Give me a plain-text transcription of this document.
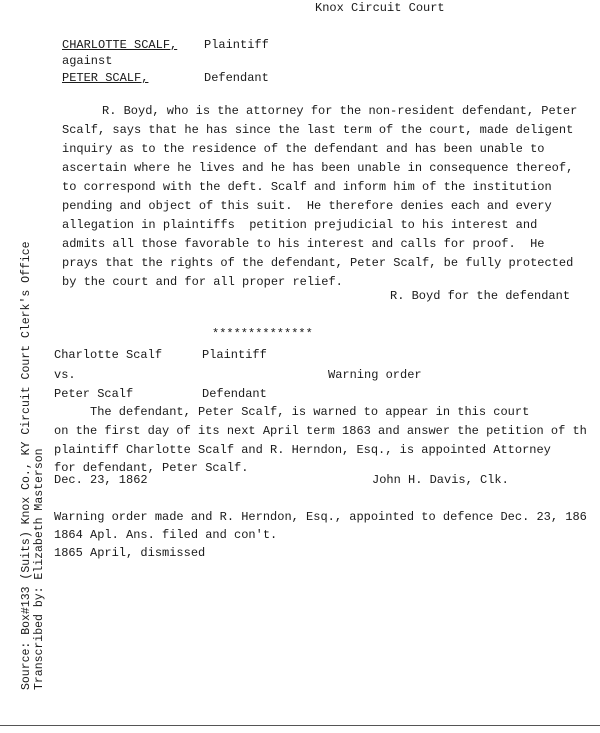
Knox Circuit Court
CHARLOTTE SCALF, Plaintiff
against
PETER SCALF,	Defendant
R. Boyd, who is the attorney for the non-resident defendant, Peter
Scalf, says that he has since the last term of the court, made deligent
inquiry as to the residence of the defendant and has been unable to
ascertain where he lives and he has been unable in consequence thereof,
to correspond with the deft. Scalf and inform him of the institution
pending and object of this suit.  He therefore denies each and every
allegation in plaintiffs  petition prejudicial to his interest and
admits all those favorable to his interest and calls for proof.  He
prays that the rights of the defendant, Peter Scalf, be fully protected
by the court and for all proper relief.
R. Boyd for the defendant
**************
Charlotte Scalf	Plaintiff
vs.	Warning order
Peter Scalf	Defendant
The defendant, Peter Scalf, is warned to appear in this court
on the first day of its next April term 1863 and answer the petition of th
plaintiff Charlotte Scalf and R. Herndon, Esq., is appointed Attorney
for defendant, Peter Scalf.
Dec. 23, 1862	John H. Davis, Clk.
Warning order made and R. Herndon, Esq., appointed to defence Dec. 23, 186
1864 Apl. Ans. filed and con't.
1865 April, dismissed
Source: Box#133 (Suits) Knox Co., KY Circuit Court Clerk's Office Transcribed by: Elizabeth Masterson
